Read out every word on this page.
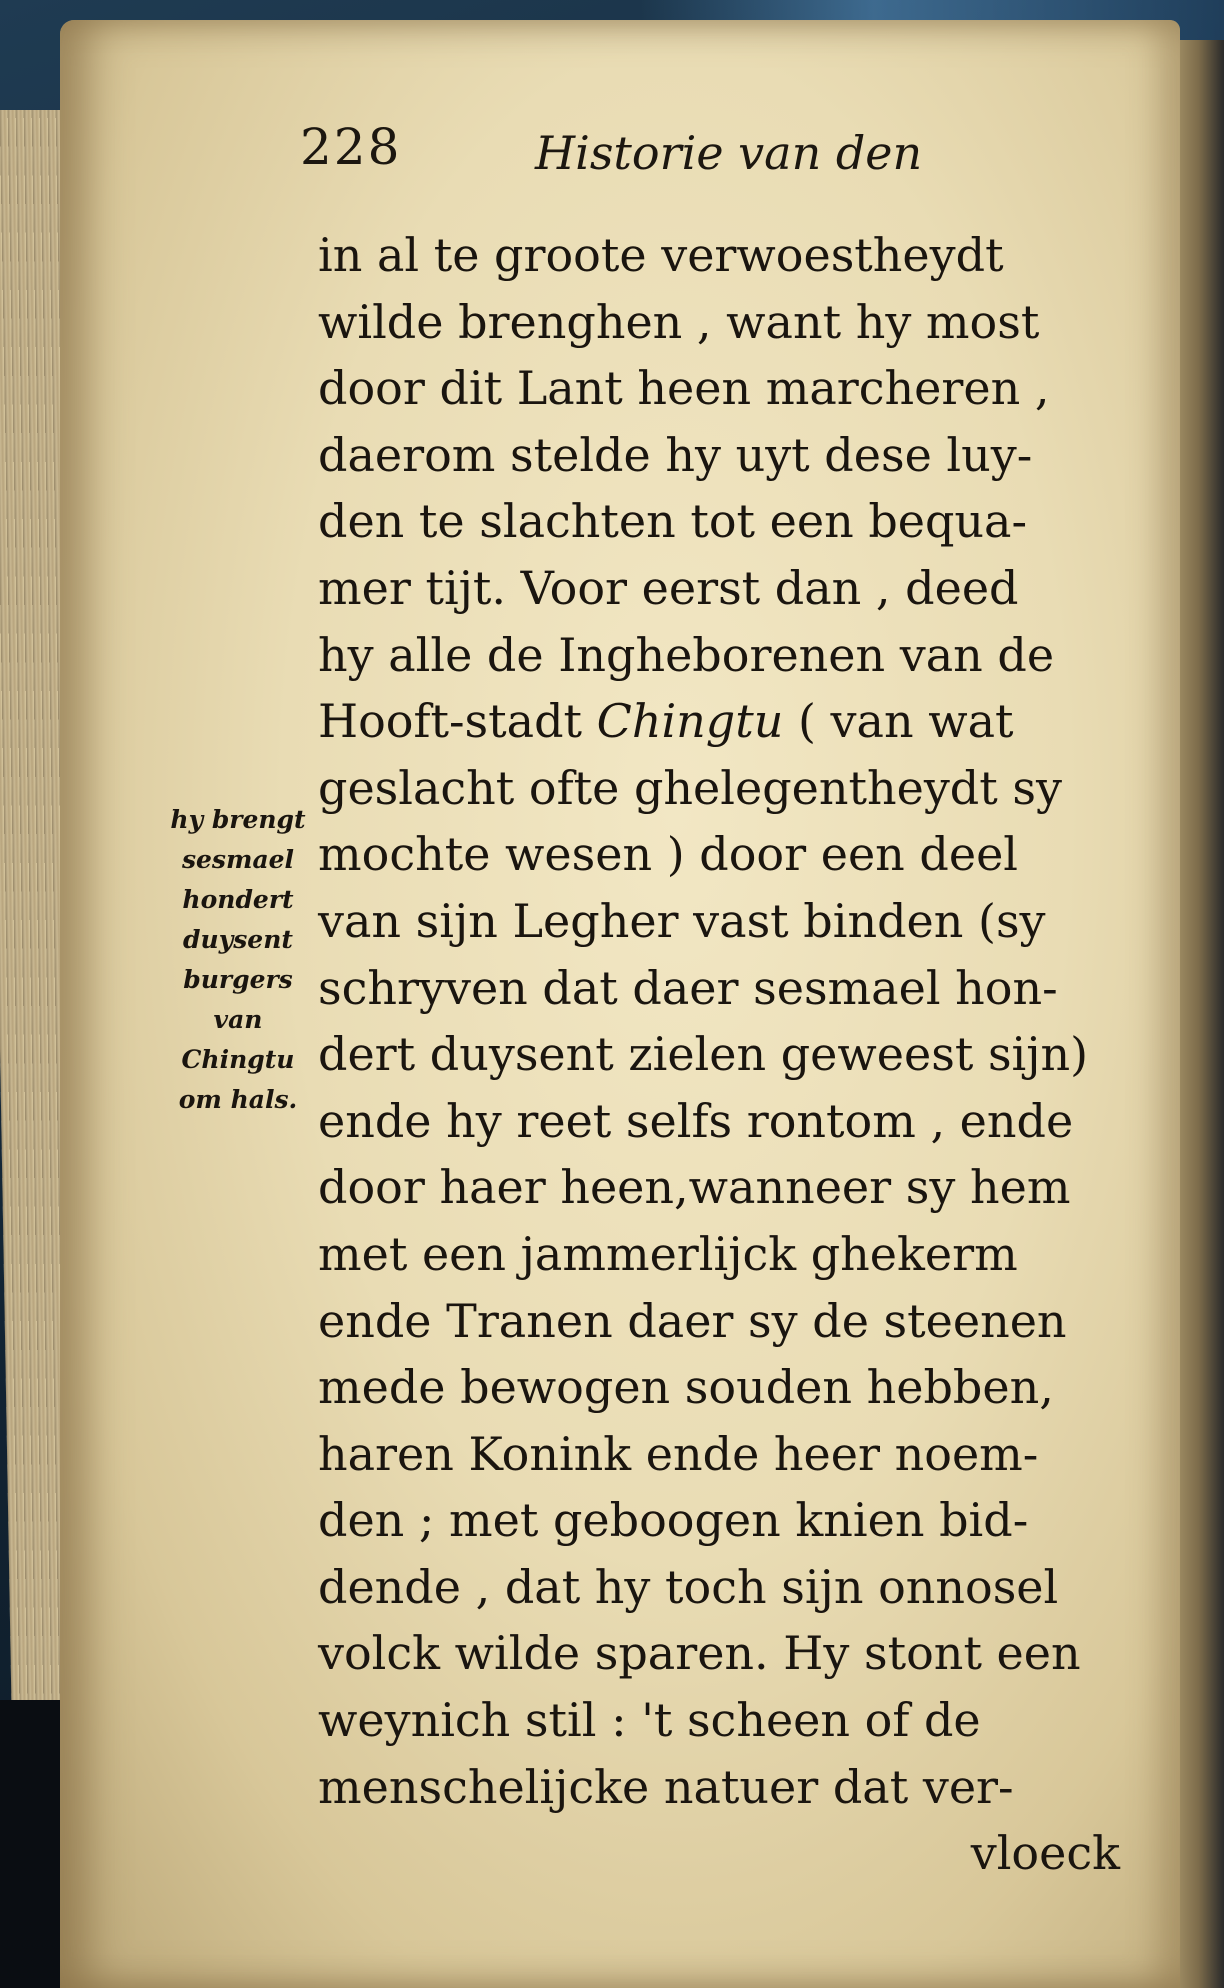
228	Historie van den
hy brengt
sesmael
hondert
duysent
burgers
van
Chingtu
om hals.
in al te groote verwoestheydt
wilde brenghen , want hy most
door dit Lant heen marcheren ,
daerom stelde hy uyt dese luy-
den te slachten tot een bequa-
mer tijt. Voor eerst dan , deed
hy alle de Ingheborenen van de
Hooft-stadt Chingtu ( van wat
geslacht ofte ghelegentheydt sy
mochte wesen ) door een deel
van sijn Legher vast binden (sy
schryven dat daer sesmael hon-
dert duysent zielen geweest sijn)
ende hy reet selfs rontom , ende
door haer heen,wanneer sy hem
met een jammerlijck ghekerm
ende Tranen daer sy de steenen
mede bewogen souden hebben,
haren Konink ende heer noem-
den ; met geboogen knien bid-
dende , dat hy toch sijn onnosel
volck wilde sparen. Hy stont een
weynich stil : 't scheen of de
menschelijcke natuer dat ver-
vloeck
